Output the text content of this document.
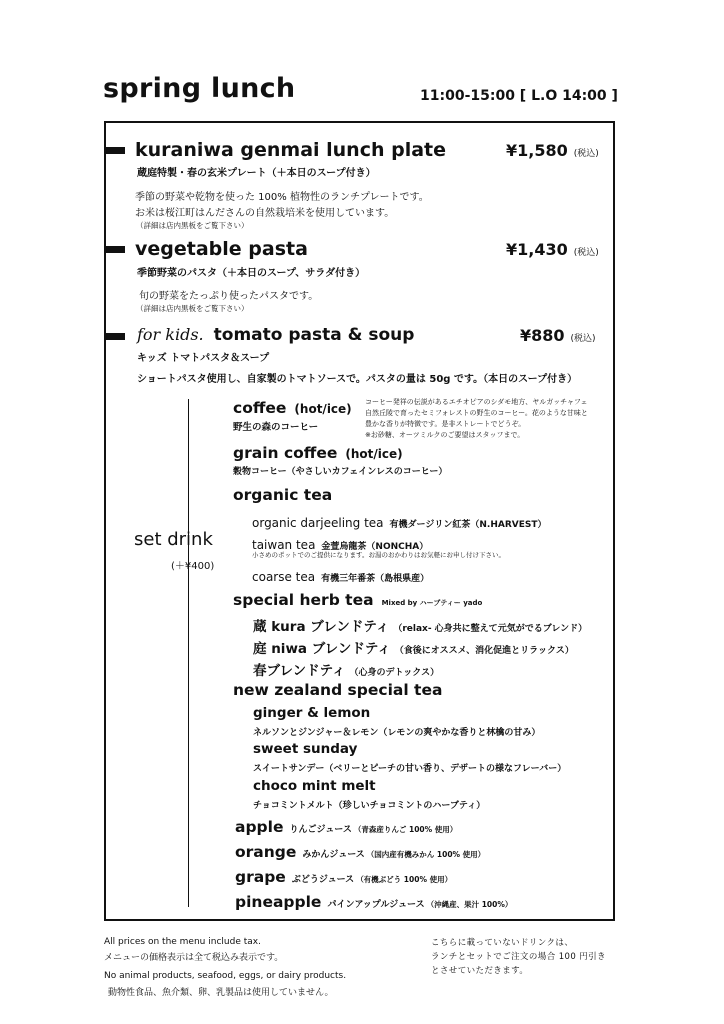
spring lunch	11:00-15:00 [ L.O 14:00 ]
kuraniwa genmai lunch plate	¥1,580 (税込)
蔵庭特製・春の玄米プレート（＋本日のスープ付き）
季節の野菜や乾物を使った 100% 植物性のランチプレートです。
お米は桜江町はんださんの自然栽培米を使用しています。
（詳細は店内黒板をご覧下さい）
vegetable pasta	¥1,430 (税込)
季節野菜のパスタ（＋本日のスープ、サラダ付き）
旬の野菜をたっぷり使ったパスタです。
（詳細は店内黒板をご覧下さい）
for kids. tomato pasta & soup	¥880 (税込)
キッズ トマトパスタ＆スープ
ショートパスタ使用し、自家製のトマトソースで。パスタの量は 50g です。（本日のスープ付き）
set drink
(＋¥400)
coffee (hot/ice)
野生の森のコーヒー
コーヒー発祥の伝説があるエチオピアのシダモ地方、ヤルガッチャフェ
自然丘陵で育ったセミフォレストの野生のコーヒー。花のような甘味と
豊かな香りが特徴です。是非ストレートでどうぞ。
※お砂糖、オーツミルクのご要望はスタッフまで。
grain coffee (hot/ice)
穀物コーヒー（やさしいカフェインレスのコーヒー）
organic tea
organic darjeeling tea 有機ダージリン紅茶（N.HARVEST）
taiwan tea 金萱烏龍茶（NONCHA）
小さめのポットでのご提供になります。お湯のおかわりはお気軽にお申し付け下さい。
coarse tea 有機三年番茶（島根県産）
special herb tea Mixed by ハーブティー yado
蔵 kura ブレンドティ （relax- 心身共に整えて元気がでるブレンド）
庭 niwa ブレンドティ （食後にオススメ、消化促進とリラックス）
春ブレンドティ （心身のデトックス）
new zealand special tea
ginger & lemon
ネルソンとジンジャー＆レモン（レモンの爽やかな香りと林檎の甘み）
sweet sunday
スイートサンデー（ベリーとピーチの甘い香り、デザートの様なフレーバー）
choco mint melt
チョコミントメルト（珍しいチョコミントのハーブティ）
apple りんごジュース （青森産りんご 100% 使用）
orange みかんジュース （国内産有機みかん 100% 使用）
grape ぶどうジュース （有機ぶどう 100% 使用）
pineapple パインアップルジュース （沖縄産、果汁 100%）
All prices on the menu include tax.
メニューの価格表示は全て税込み表示です。
No animal products, seafood, eggs, or dairy products.
動物性食品、魚介類、卵、乳製品は使用していません。
こちらに載っていないドリンクは、
ランチとセットでご注文の場合 100 円引き
とさせていただきます。
